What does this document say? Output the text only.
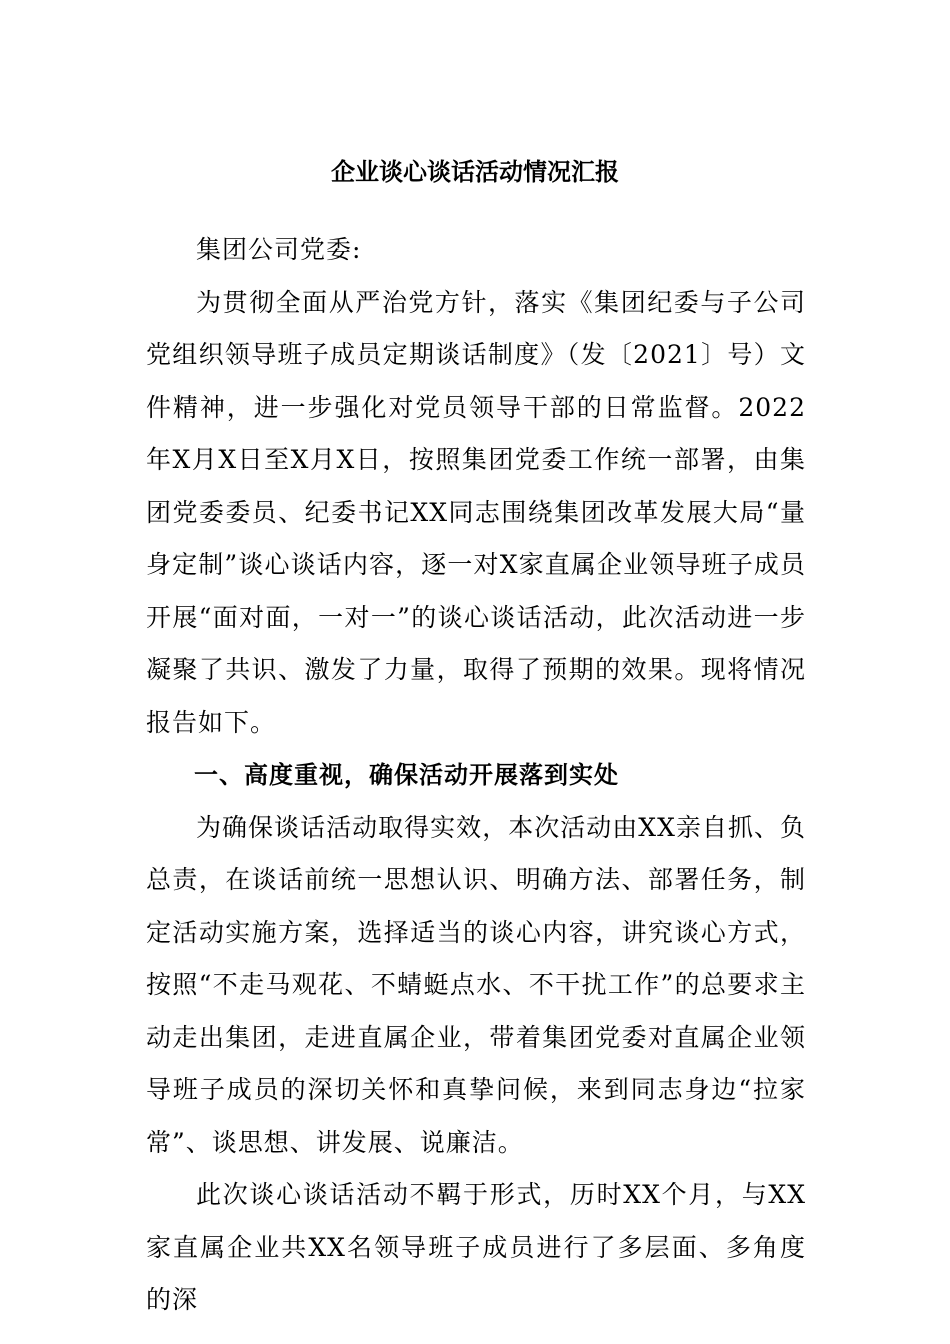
企业谈心谈话活动情况汇报

集团公司党委:

为贯彻全面从严治党方针，落实《集团纪委与子公司党组织领导班子成员定期谈话制度》（发〔2021〕号）文件精神，进一步强化对党员领导干部的日常监督。2022年X月X日至X月X日，按照集团党委工作统一部署，由集团党委委员、纪委书记XX同志围绕集团改革发展大局“量身定制”谈心谈话内容，逐一对X家直属企业领导班子成员开展“面对面，一对一”的谈心谈话活动，此次活动进一步凝聚了共识、激发了力量，取得了预期的效果。现将情况报告如下。

一、高度重视，确保活动开展落到实处

为确保谈话活动取得实效，本次活动由XX亲自抓、负总责，在谈话前统一思想认识、明确方法、部署任务，制定活动实施方案，选择适当的谈心内容，讲究谈心方式，按照“不走马观花、不蜻蜓点水、不干扰工作”的总要求主动走出集团，走进直属企业，带着集团党委对直属企业领导班子成员的深切关怀和真挚问候，来到同志身边“拉家常”、谈思想、讲发展、说廉洁。

此次谈心谈话活动不羁于形式，历时XX个月，与XX家直属企业共XX名领导班子成员进行了多层面、多角度的深
